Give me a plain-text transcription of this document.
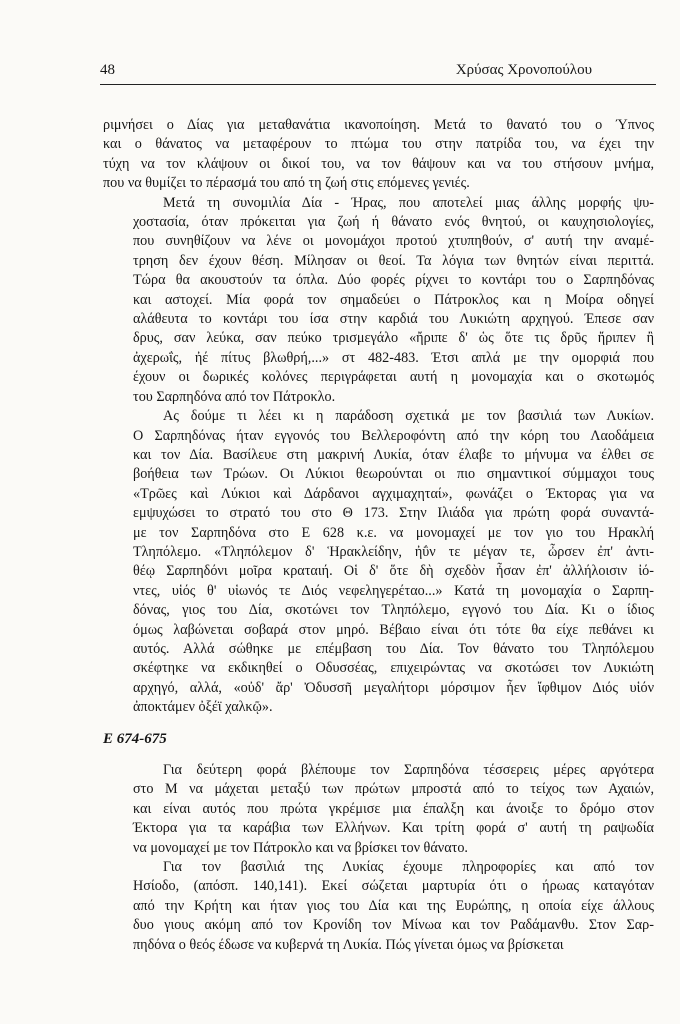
48	Χρύσας Χρονοπούλου
ριμνήσει ο Δίας για μεταθανάτια ικανοποίηση. Μετά το θανατό του ο Ύπνος
και ο θάνατος να μεταφέρουν το πτώμα του στην πατρίδα του, να έχει την
τύχη να τον κλάψουν οι δικοί του, να τον θάψουν και να του στήσουν μνήμα,
που να θυμίζει το πέρασμά του από τη ζωή στις επόμενες γενιές.
Μετά τη συνομιλία Δία - Ήρας, που αποτελεί μιας άλλης μορφής ψυ-
χοστασία, όταν πρόκειται για ζωή ή θάνατο ενός θνητού, οι καυχησιολογίες,
που συνηθίζουν να λένε οι μονομάχοι προτού χτυπηθούν, σ' αυτή την αναμέ-
τρηση δεν έχουν θέση. Μίλησαν οι θεοί. Τα λόγια των θνητών είναι περιττά.
Τώρα θα ακουστούν τα όπλα. Δύο φορές ρίχνει το κοντάρι του ο Σαρπηδόνας
και αστοχεί. Μία φορά τον σημαδεύει ο Πάτροκλος και η Μοίρα οδηγεί
αλάθευτα το κοντάρι του ίσα στην καρδιά του Λυκιώτη αρχηγού. Έπεσε σαν
δρυς, σαν λεύκα, σαν πεύκο τρισμεγάλο «ἤριπε δ' ὡς ὅτε τις δρῦς ἤριπεν ἢ
ἀχερωΐς, ἠέ πίτυς βλωθρή,...» στ 482-483. Έτσι απλά με την ομορφιά που
έχουν οι δωρικές κολόνες περιγράφεται αυτή η μονομαχία και ο σκοτωμός
του Σαρπηδόνα από τον Πάτροκλο.
Ας δούμε τι λέει κι η παράδοση σχετικά με τον βασιλιά των Λυκίων.
Ο Σαρπηδόνας ήταν εγγονός του Βελλεροφόντη από την κόρη του Λαοδάμεια
και τον Δία. Βασίλευε στη μακρινή Λυκία, όταν έλαβε το μήνυμα να έλθει σε
βοήθεια των Τρώων. Οι Λύκιοι θεωρούνται οι πιο σημαντικοί σύμμαχοι τους
«Τρῶες καὶ Λύκιοι καὶ Δάρδανοι αγχιμαχηταί», φωνάζει ο Έκτορας για να
εμψυχώσει το στρατό του στο Θ 173. Στην Ιλιάδα για πρώτη φορά συναντά-
με τον Σαρπηδόνα στο Ε 628 κ.ε. να μονομαχεί με τον γιο του Ηρακλή
Τληπόλεμο. «Τληπόλεμον δ' Ἡρακλείδην, ἠΰν τε μέγαν τε, ὦρσεν ἐπ' ἀντι-
θέῳ Σαρπηδόνι μοῖρα κραταιή. Οἱ δ' ὅτε δὴ σχεδὸν ἦσαν ἐπ' ἀλλήλοισιν ἰό-
ντες, υἱός θ' υἱωνός τε Διός νεφεληγερέταο...» Κατά τη μονομαχία ο Σαρπη-
δόνας, γιος του Δία, σκοτώνει τον Τληπόλεμο, εγγονό του Δία. Κι ο ίδιος
όμως λαβώνεται σοβαρά στον μηρό. Βέβαιο είναι ότι τότε θα είχε πεθάνει κι
αυτός. Αλλά σώθηκε με επέμβαση του Δία. Τον θάνατο του Τληπόλεμου
σκέφτηκε να εκδικηθεί ο Οδυσσέας, επιχειρώντας να σκοτώσει τον Λυκιώτη
αρχηγό, αλλά, «οὐδ' ἄρ' Ὀδυσσῆ μεγαλήτορι μόρσιμον ἦεν ἴφθιμον Διός υἱόν
ἀποκτάμεν ὀξέϊ χαλκῷ».
Ε 674-675
Για δεύτερη φορά βλέπουμε τον Σαρπηδόνα τέσσερεις μέρες αργότερα
στο Μ να μάχεται μεταξύ των πρώτων μπροστά από το τείχος των Αχαιών,
και είναι αυτός που πρώτα γκρέμισε μια έπαλξη και άνοιξε το δρόμο στον
Έκτορα για τα καράβια των Ελλήνων. Και τρίτη φορά σ' αυτή τη ραψωδία
να μονομαχεί με τον Πάτροκλο και να βρίσκει τον θάνατο.
Για τον βασιλιά της Λυκίας έχουμε πληροφορίες και από τον
Ησίοδο, (απόσπ. 140,141). Εκεί σώζεται μαρτυρία ότι ο ήρωας καταγόταν
από την Κρήτη και ήταν γιος του Δία και της Ευρώπης, η οποία είχε άλλους
δυο γιους ακόμη από τον Κρονίδη τον Μίνωα και τον Ραδάμανθυ. Στον Σαρ-
πηδόνα ο θεός έδωσε να κυβερνά τη Λυκία. Πώς γίνεται όμως να βρίσκεται
